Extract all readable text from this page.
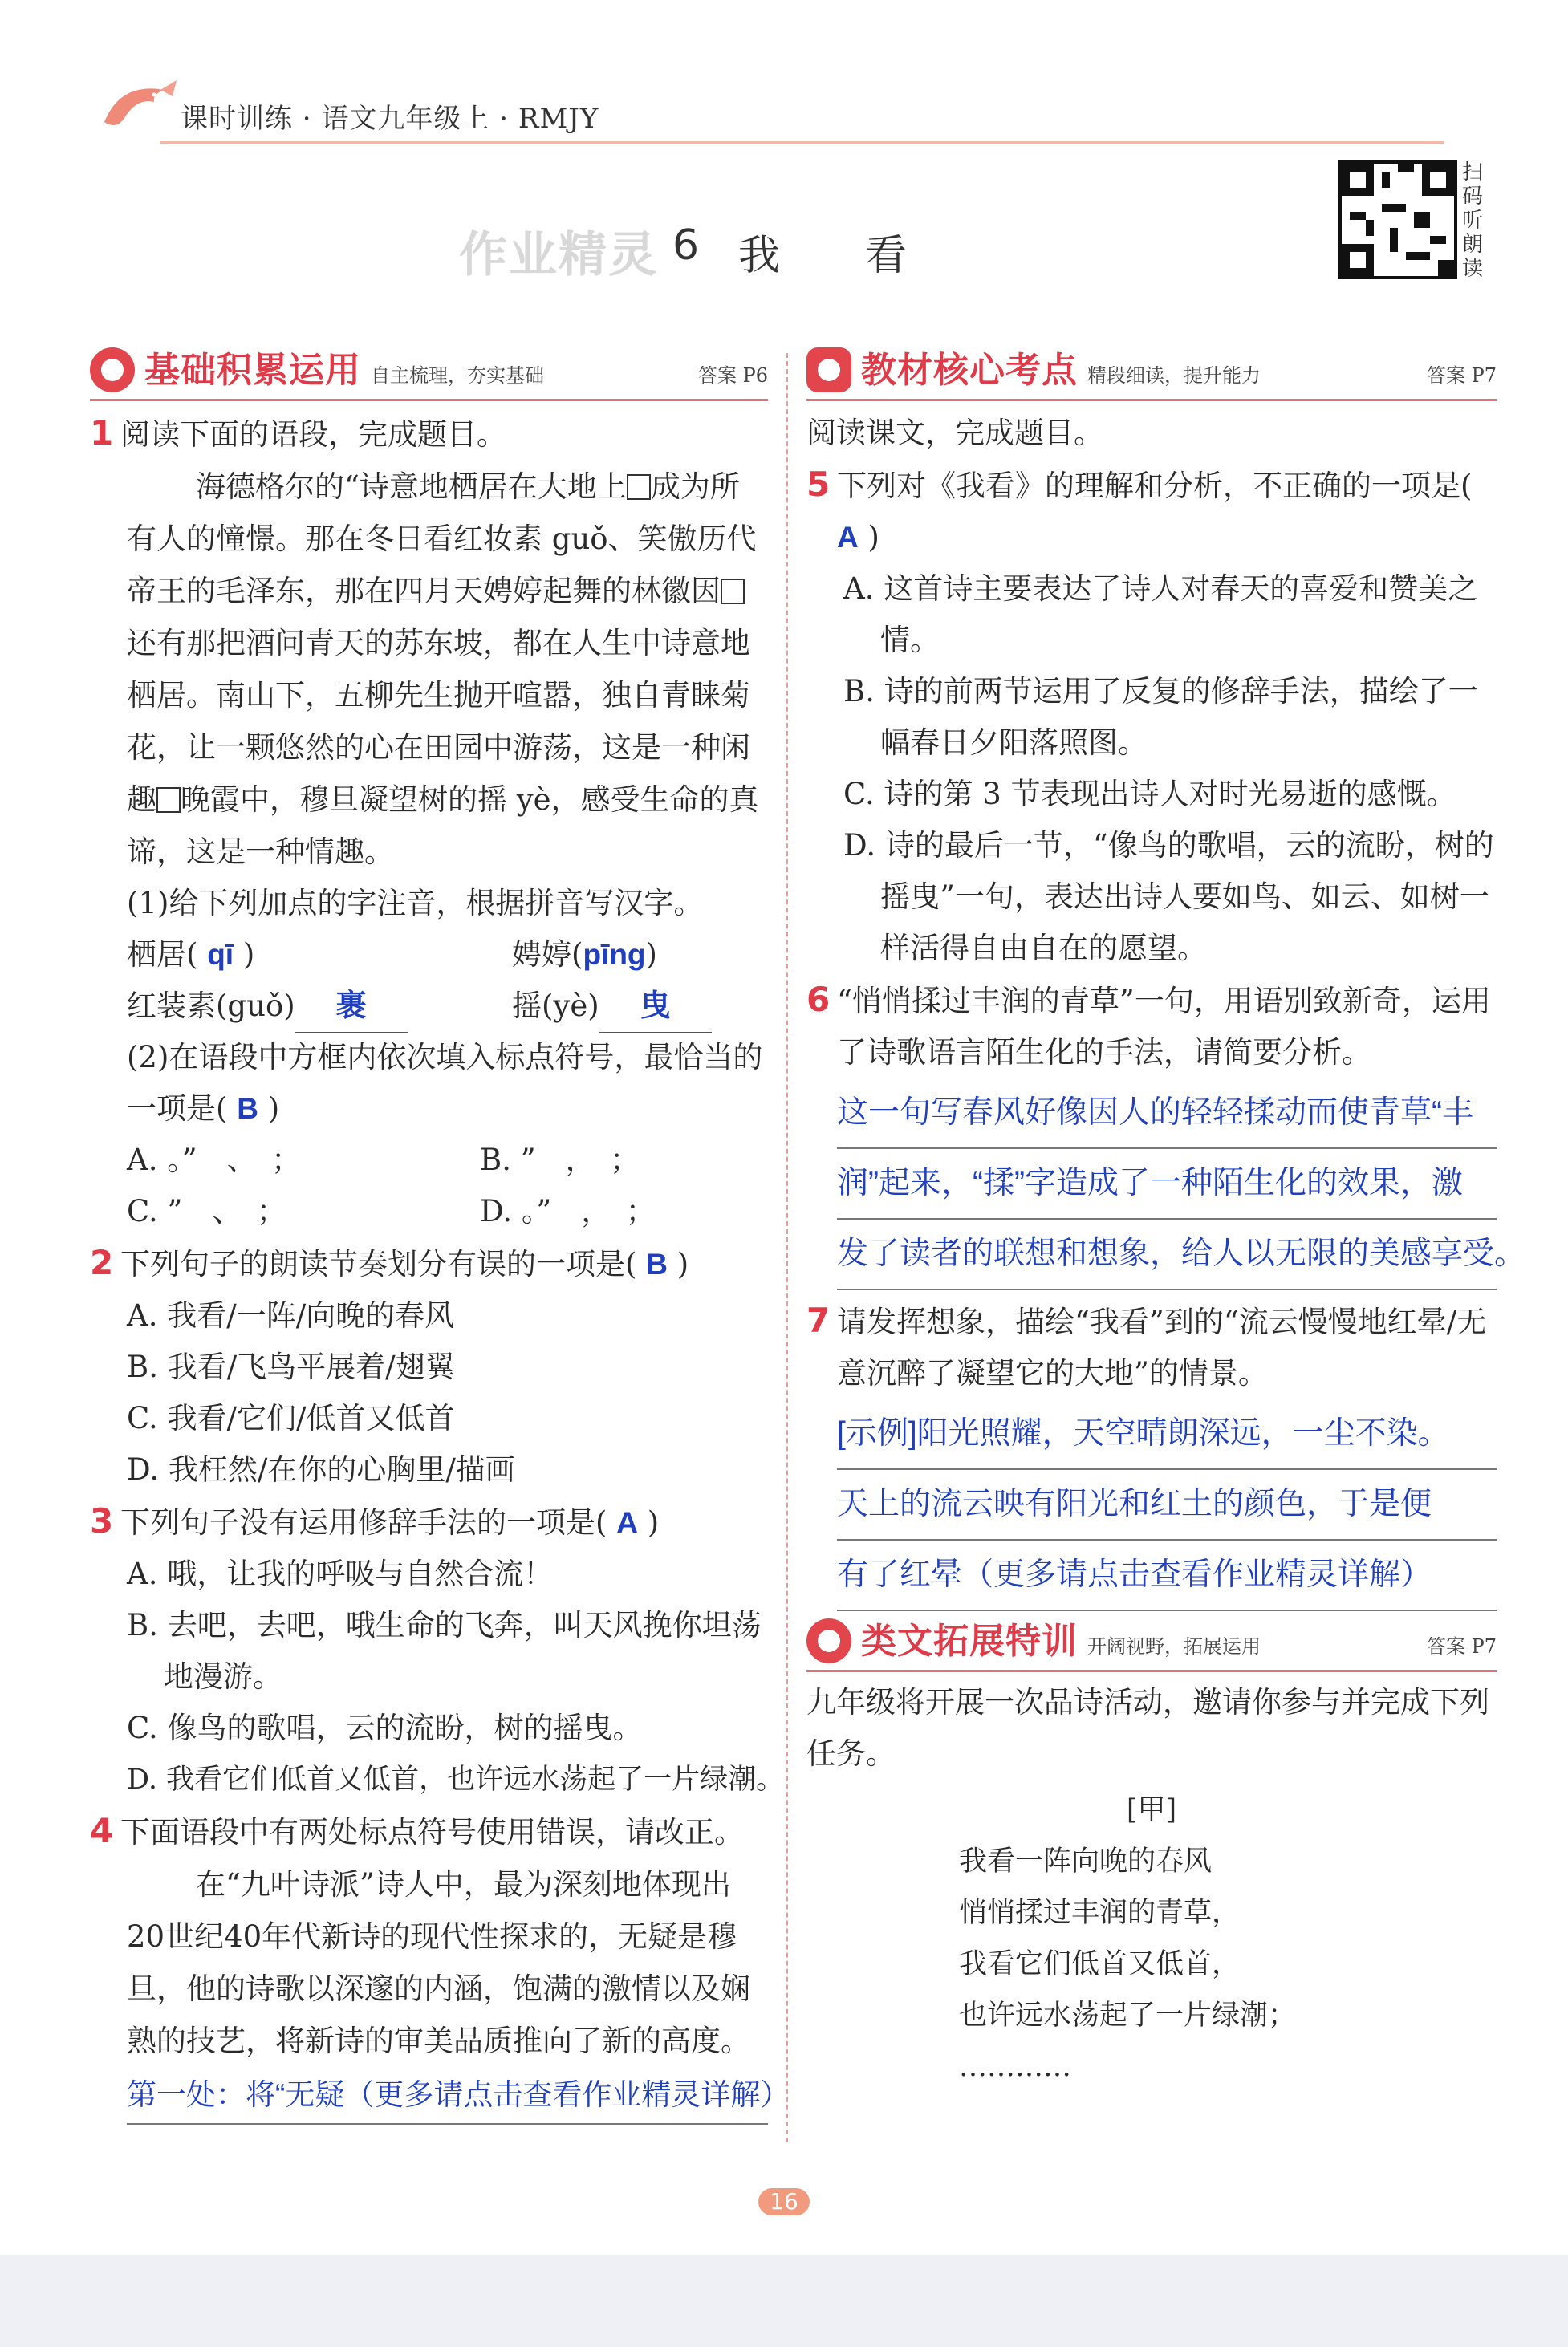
课时训练 · 语文九年级上 · RMJY
扫码听朗读
作业精灵 6 我 看
基础积累运用 自主梳理，夯实基础	答案 P6
1 阅读下面的语段，完成题目。
海德格尔的“诗意地栖居在大地上 成为所有人的憧憬。那在冬日看红妆素 guǒ、笑傲历代帝王的毛泽东，那在四月天娉婷起舞的林徽因还有那把酒问青天的苏东坡，都在人生中诗意地栖居。南山下，五柳先生抛开喧嚣，独自青睐菊花，让一颗悠然的心在田园中游荡，这是一种闲趣 晚霞中，穆旦凝望树的摇 yè，感受生命的真谛，这是一种情趣。
(1)给下列加点的字注音，根据拼音写汉字。
栖居( qī )	娉婷(pīng)
红装素(guǒ) 裹	摇(yè) 曳
(2)在语段中方框内依次填入标点符号，最恰当的一项是( B )
A. 。”　、　；	B. ”　，　；
C. ”　、　；	D. 。”　，　；
2 下列句子的朗读节奏划分有误的一项是( B )
A. 我看/一阵/向晚的春风
B. 我看/飞鸟平展着/翅翼
C. 我看/它们/低首又低首
D. 我枉然/在你的心胸里/描画
3 下列句子没有运用修辞手法的一项是( A )
A. 哦，让我的呼吸与自然合流！
B. 去吧，去吧，哦生命的飞奔，叫天风挽你坦荡地漫游。
C. 像鸟的歌唱，云的流盼，树的摇曳。
D. 我看它们低首又低首，也许远水荡起了一片绿潮。
4 下面语段中有两处标点符号使用错误，请改正。
在“九叶诗派”诗人中，最为深刻地体现出20世纪40年代新诗的现代性探求的，无疑是穆旦，他的诗歌以深邃的内涵，饱满的激情以及娴熟的技艺，将新诗的审美品质推向了新的高度。
第一处：将“无疑（更多请点击查看作业精灵详解）
教材核心考点 精段细读，提升能力	答案 P7
阅读课文，完成题目。
5 下列对《我看》的理解和分析，不正确的一项是( A )
A. 这首诗主要表达了诗人对春天的喜爱和赞美之情。
B. 诗的前两节运用了反复的修辞手法，描绘了一幅春日夕阳落照图。
C. 诗的第 3 节表现出诗人对时光易逝的感慨。
D. 诗的最后一节，“像鸟的歌唱，云的流盼，树的摇曳”一句，表达出诗人要如鸟、如云、如树一样活得自由自在的愿望。
6 “悄悄揉过丰润的青草”一句，用语别致新奇，运用了诗歌语言陌生化的手法，请简要分析。
这一句写春风好像因人的轻轻揉动而使青草“丰
润”起来，“揉”字造成了一种陌生化的效果，激
发了读者的联想和想象，给人以无限的美感享受。
7 请发挥想象，描绘“我看”到的“流云慢慢地红晕/无意沉醉了凝望它的大地”的情景。
[示例]阳光照耀，天空晴朗深远，一尘不染。
天上的流云映有阳光和红土的颜色，于是便
有了红晕（更多请点击查看作业精灵详解）
类文拓展特训 开阔视野，拓展运用	答案 P7
九年级将开展一次品诗活动，邀请你参与并完成下列任务。
[甲]
我看一阵向晚的春风
悄悄揉过丰润的青草，
我看它们低首又低首，
也许远水荡起了一片绿潮；
…………
16
